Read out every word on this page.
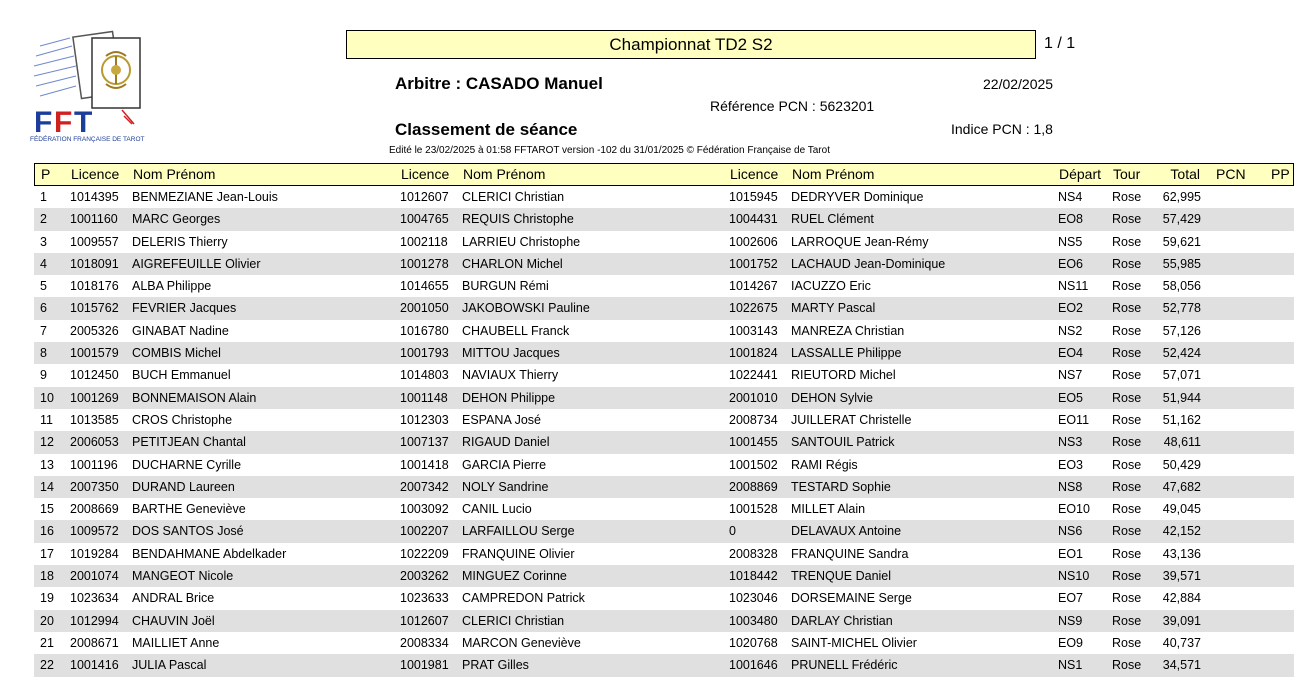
F F T
FÉDÉRATION FRANÇAISE DE TAROT
Championnat TD2 S2	1 / 1
Arbitre : CASADO Manuel	22/02/2025
Référence PCN : 5623201
Classement de séance	Indice PCN : 1,8
Edité le 23/02/2025 à 01:58 FFTAROT version -102 du 31/01/2025 © Fédération Française de Tarot
P Licence Nom Prénom	Licence Nom Prénom	Licence Nom Prénom	Départ Tour Total PCN PP
1 1014395 BENMEZIANE Jean-Louis	1012607 CLERICI Christian	1015945 DEDRYVER Dominique	NS4 Rose 62,995
2 1001160 MARC Georges	1004765 REQUIS Christophe	1004431 RUEL Clément	EO8 Rose 57,429
3 1009557 DELERIS Thierry	1002118 LARRIEU Christophe	1002606 LARROQUE Jean-Rémy	NS5 Rose 59,621
4 1018091 AIGREFEUILLE Olivier	1001278 CHARLON Michel	1001752 LACHAUD Jean-Dominique	EO6 Rose 55,985
5 1018176 ALBA Philippe	1014655 BURGUN Rémi	1014267 IACUZZO Eric	NS11 Rose 58,056
6 1015762 FEVRIER Jacques	2001050 JAKOBOWSKI Pauline	1022675 MARTY Pascal	EO2 Rose 52,778
7 2005326 GINABAT Nadine	1016780 CHAUBELL Franck	1003143 MANREZA Christian	NS2 Rose 57,126
8 1001579 COMBIS Michel	1001793 MITTOU Jacques	1001824 LASSALLE Philippe	EO4 Rose 52,424
9 1012450 BUCH Emmanuel	1014803 NAVIAUX Thierry	1022441 RIEUTORD Michel	NS7 Rose 57,071
10 1001269 BONNEMAISON Alain	1001148 DEHON Philippe	2001010 DEHON Sylvie	EO5 Rose 51,944
11 1013585 CROS Christophe	1012303 ESPANA José	2008734 JUILLERAT Christelle	EO11 Rose 51,162
12 2006053 PETITJEAN Chantal	1007137 RIGAUD Daniel	1001455 SANTOUIL Patrick	NS3 Rose 48,611
13 1001196 DUCHARNE Cyrille	1001418 GARCIA Pierre	1001502 RAMI Régis	EO3 Rose 50,429
14 2007350 DURAND Laureen	2007342 NOLY Sandrine	2008869 TESTARD Sophie	NS8 Rose 47,682
15 2008669 BARTHE Geneviève	1003092 CANIL Lucio	1001528 MILLET Alain	EO10 Rose 49,045
16 1009572 DOS SANTOS José	1002207 LARFAILLOU Serge	0	DELAVAUX Antoine	NS6 Rose 42,152
17 1019284 BENDAHMANE Abdelkader	1022209 FRANQUINE Olivier	2008328 FRANQUINE Sandra	EO1 Rose 43,136
18 2001074 MANGEOT Nicole	2003262 MINGUEZ Corinne	1018442 TRENQUE Daniel	NS10 Rose 39,571
19 1023634 ANDRAL Brice	1023633 CAMPREDON Patrick	1023046 DORSEMAINE Serge	EO7 Rose 42,884
20 1012994 CHAUVIN Joël	1012607 CLERICI Christian	1003480 DARLAY Christian	NS9 Rose 39,091
21 2008671 MAILLIET Anne	2008334 MARCON Geneviève	1020768 SAINT-MICHEL Olivier	EO9 Rose 40,737
22 1001416 JULIA Pascal	1001981 PRAT Gilles	1001646 PRUNELL Frédéric	NS1 Rose 34,571
